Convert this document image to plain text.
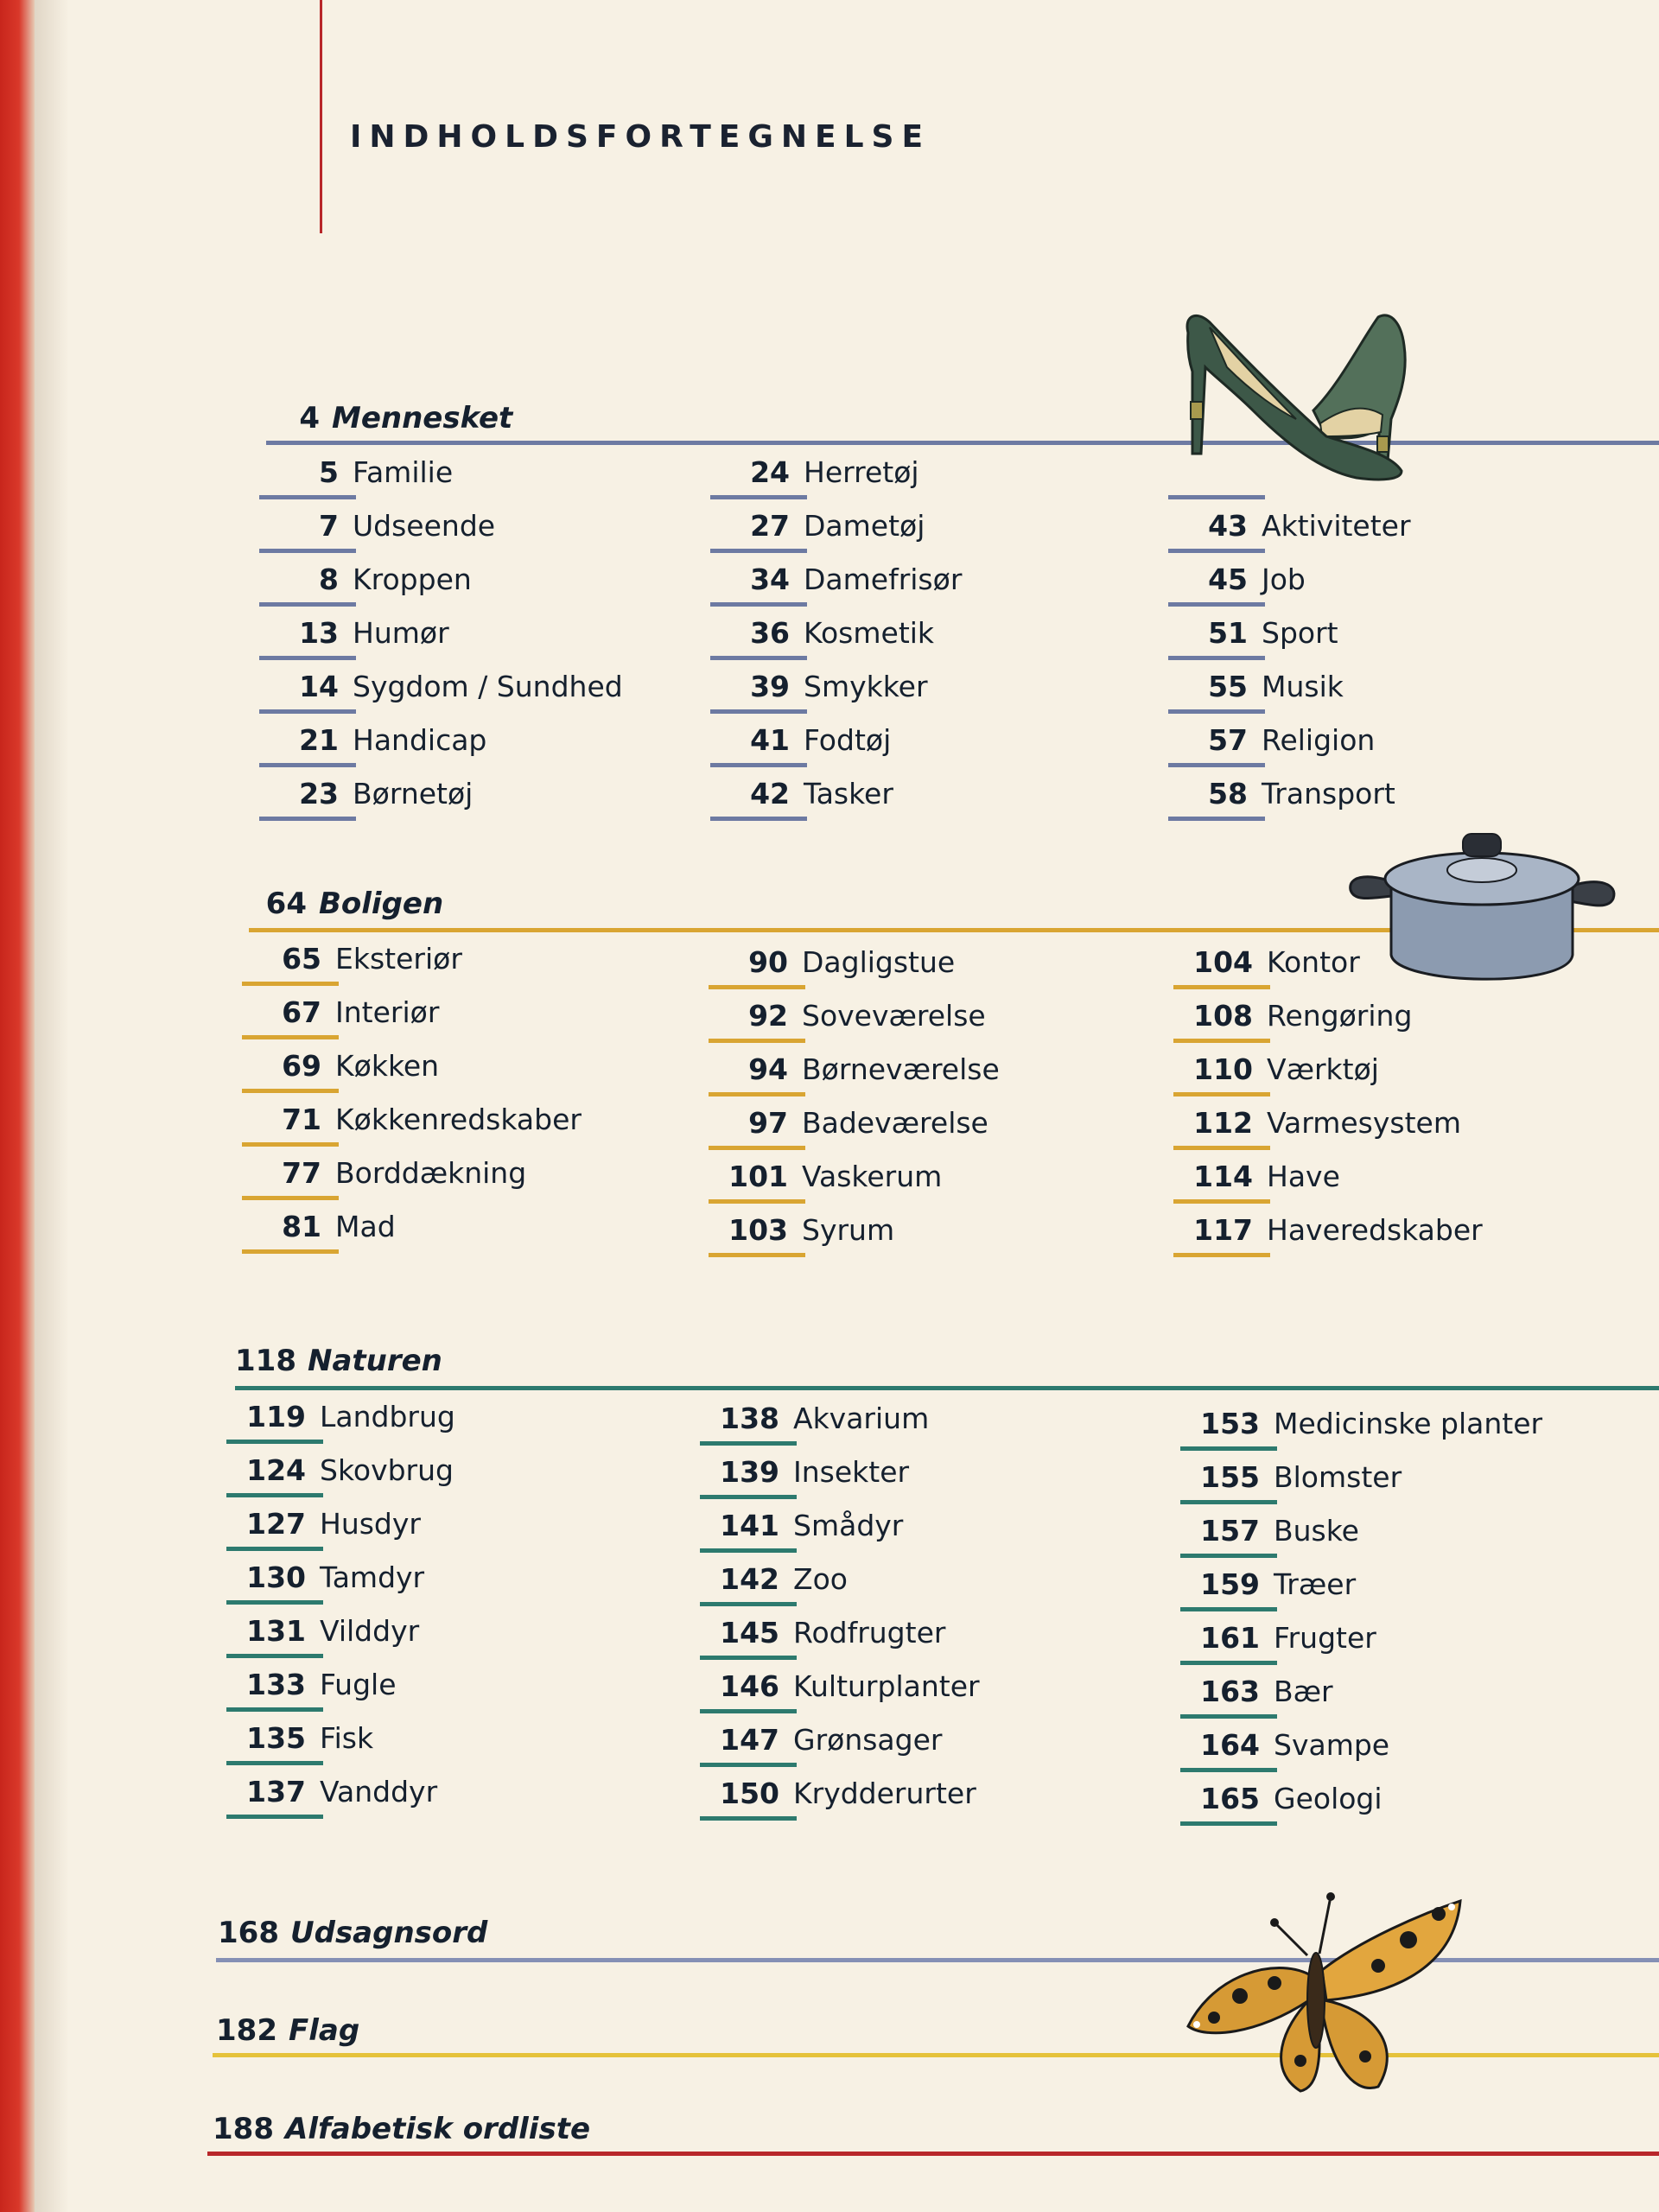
INDHOLDSFORTEGNELSE
4 Mennesket
5 Familie
7 Udseende
8 Kroppen
13 Humør
14 Sygdom / Sundhed
21 Handicap
23 Børnetøj
24 Herretøj
27 Dametøj
34 Damefrisør
36 Kosmetik
39 Smykker
41 Fodtøj
42 Tasker
43 Aktiviteter
45 Job
51 Sport
55 Musik
57 Religion
58 Transport
64 Boligen
65 Eksteriør
67 Interiør
69 Køkken
71 Køkkenredskaber
77 Borddækning
81 Mad
90 Dagligstue
92 Soveværelse
94 Børneværelse
97 Badeværelse
101 Vaskerum
103 Syrum
104 Kontor
108 Rengøring
110 Værktøj
112 Varmesystem
114 Have
117 Haveredskaber
118 Naturen
119 Landbrug
124 Skovbrug
127 Husdyr
130 Tamdyr
131 Vilddyr
133 Fugle
135 Fisk
137 Vanddyr
138 Akvarium
139 Insekter
141 Smådyr
142 Zoo
145 Rodfrugter
146 Kulturplanter
147 Grønsager
150 Krydderurter
153 Medicinske planter
155 Blomster
157 Buske
159 Træer
161 Frugter
163 Bær
164 Svampe
165 Geologi
168 Udsagnsord
182 Flag
188 Alfabetisk ordliste
